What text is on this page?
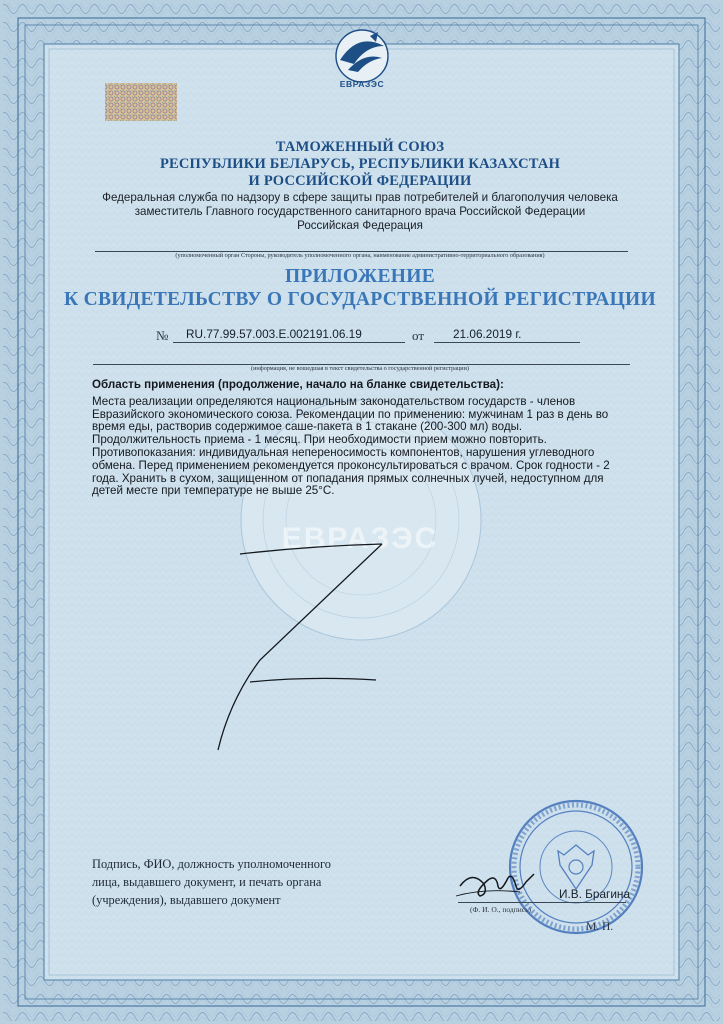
ЕВРАЗЭС
ЕВРАЗЭС
ТАМОЖЕННЫЙ СОЮЗ
РЕСПУБЛИКИ БЕЛАРУСЬ, РЕСПУБЛИКИ КАЗАХСТАН
И РОССИЙСКОЙ ФЕДЕРАЦИИ
Федеральная служба по надзору в сфере защиты прав потребителей и благополучия человека
заместитель Главного государственного санитарного врача Российской Федерации
Российская Федерация
(уполномоченный орган Стороны, руководитель уполномоченного органа, наименование административно-территориального образования)
ПРИЛОЖЕНИЕ
К СВИДЕТЕЛЬСТВУ О ГОСУДАРСТВЕННОЙ РЕГИСТРАЦИИ
№ RU.77.99.57.003.E.002191.06.19	от 21.06.2019 г.
(информация, не вошедшая в текст свидетельства о государственной регистрации)

Область применения (продолжение, начало на бланке свидетельства):

Места реализации определяются национальным законодательством государств - членов

Евразийского экономического союза. Рекомендации по применению: мужчинам 1 раз в день во

время еды, растворив содержимое саше-пакета в 1 стакане (200-300 мл) воды.

Продолжительность приема - 1 месяц. При необходимости прием можно повторить.

Противопоказания: индивидуальная непереносимость компонентов, нарушения углеводного

обмена. Перед применением рекомендуется проконсультироваться с врачом. Срок годности - 2

года. Хранить в сухом, защищенном от попадания прямых солнечных лучей, недоступном для

детей месте при температуре не выше 25°С.

Подпись, ФИО, должность уполномоченного
лица, выдавшего документ, и печать органа
(учреждения), выдавшего документ	И.В. Брагина
(Ф. И. О., подпись)
М. П.
